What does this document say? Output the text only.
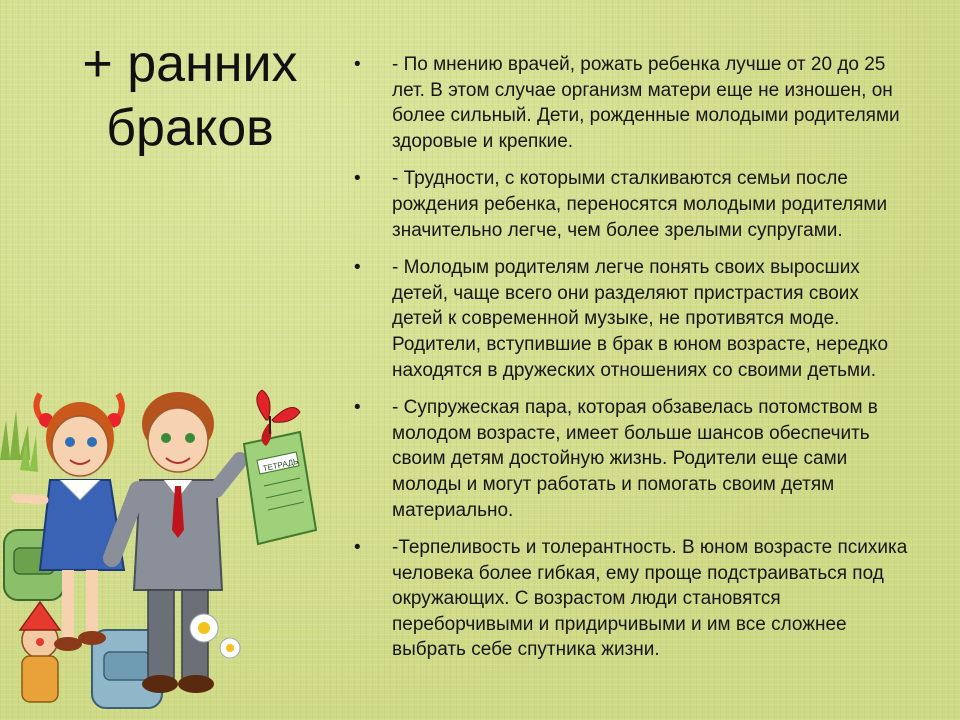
+ ранних
браков
• - По мнению врачей, рожать ребенка лучше от 20 до 25 лет. В этом случае организм матери еще не изношен, он более сильный. Дети, рожденные молодыми родителями здоровые и крепкие.
• - Трудности, с которыми сталкиваются семьи после рождения ребенка, переносятся молодыми родителями значительно легче, чем более зрелыми супругами.
• - Молодым родителям легче понять своих выросших детей, чаще всего они разделяют пристрастия своих детей к современной музыке, не противятся моде. Родители, вступившие в брак в юном возрасте, нередко находятся в дружеских отношениях со своими детьми.
• - Супружеская пара, которая обзавелась потомством в молодом возрасте, имеет больше шансов обеспечить своим детям достойную жизнь. Родители еще сами молоды и могут работать и помогать своим детям материально.
• -Терпеливость и толерантность. В юном возрасте психика человека более гибкая, ему проще подстраиваться под окружающих. С возрастом люди становятся переборчивыми и придирчивыми и им все сложнее выбрать себе спутника жизни.
ТЕТРАДЬ
